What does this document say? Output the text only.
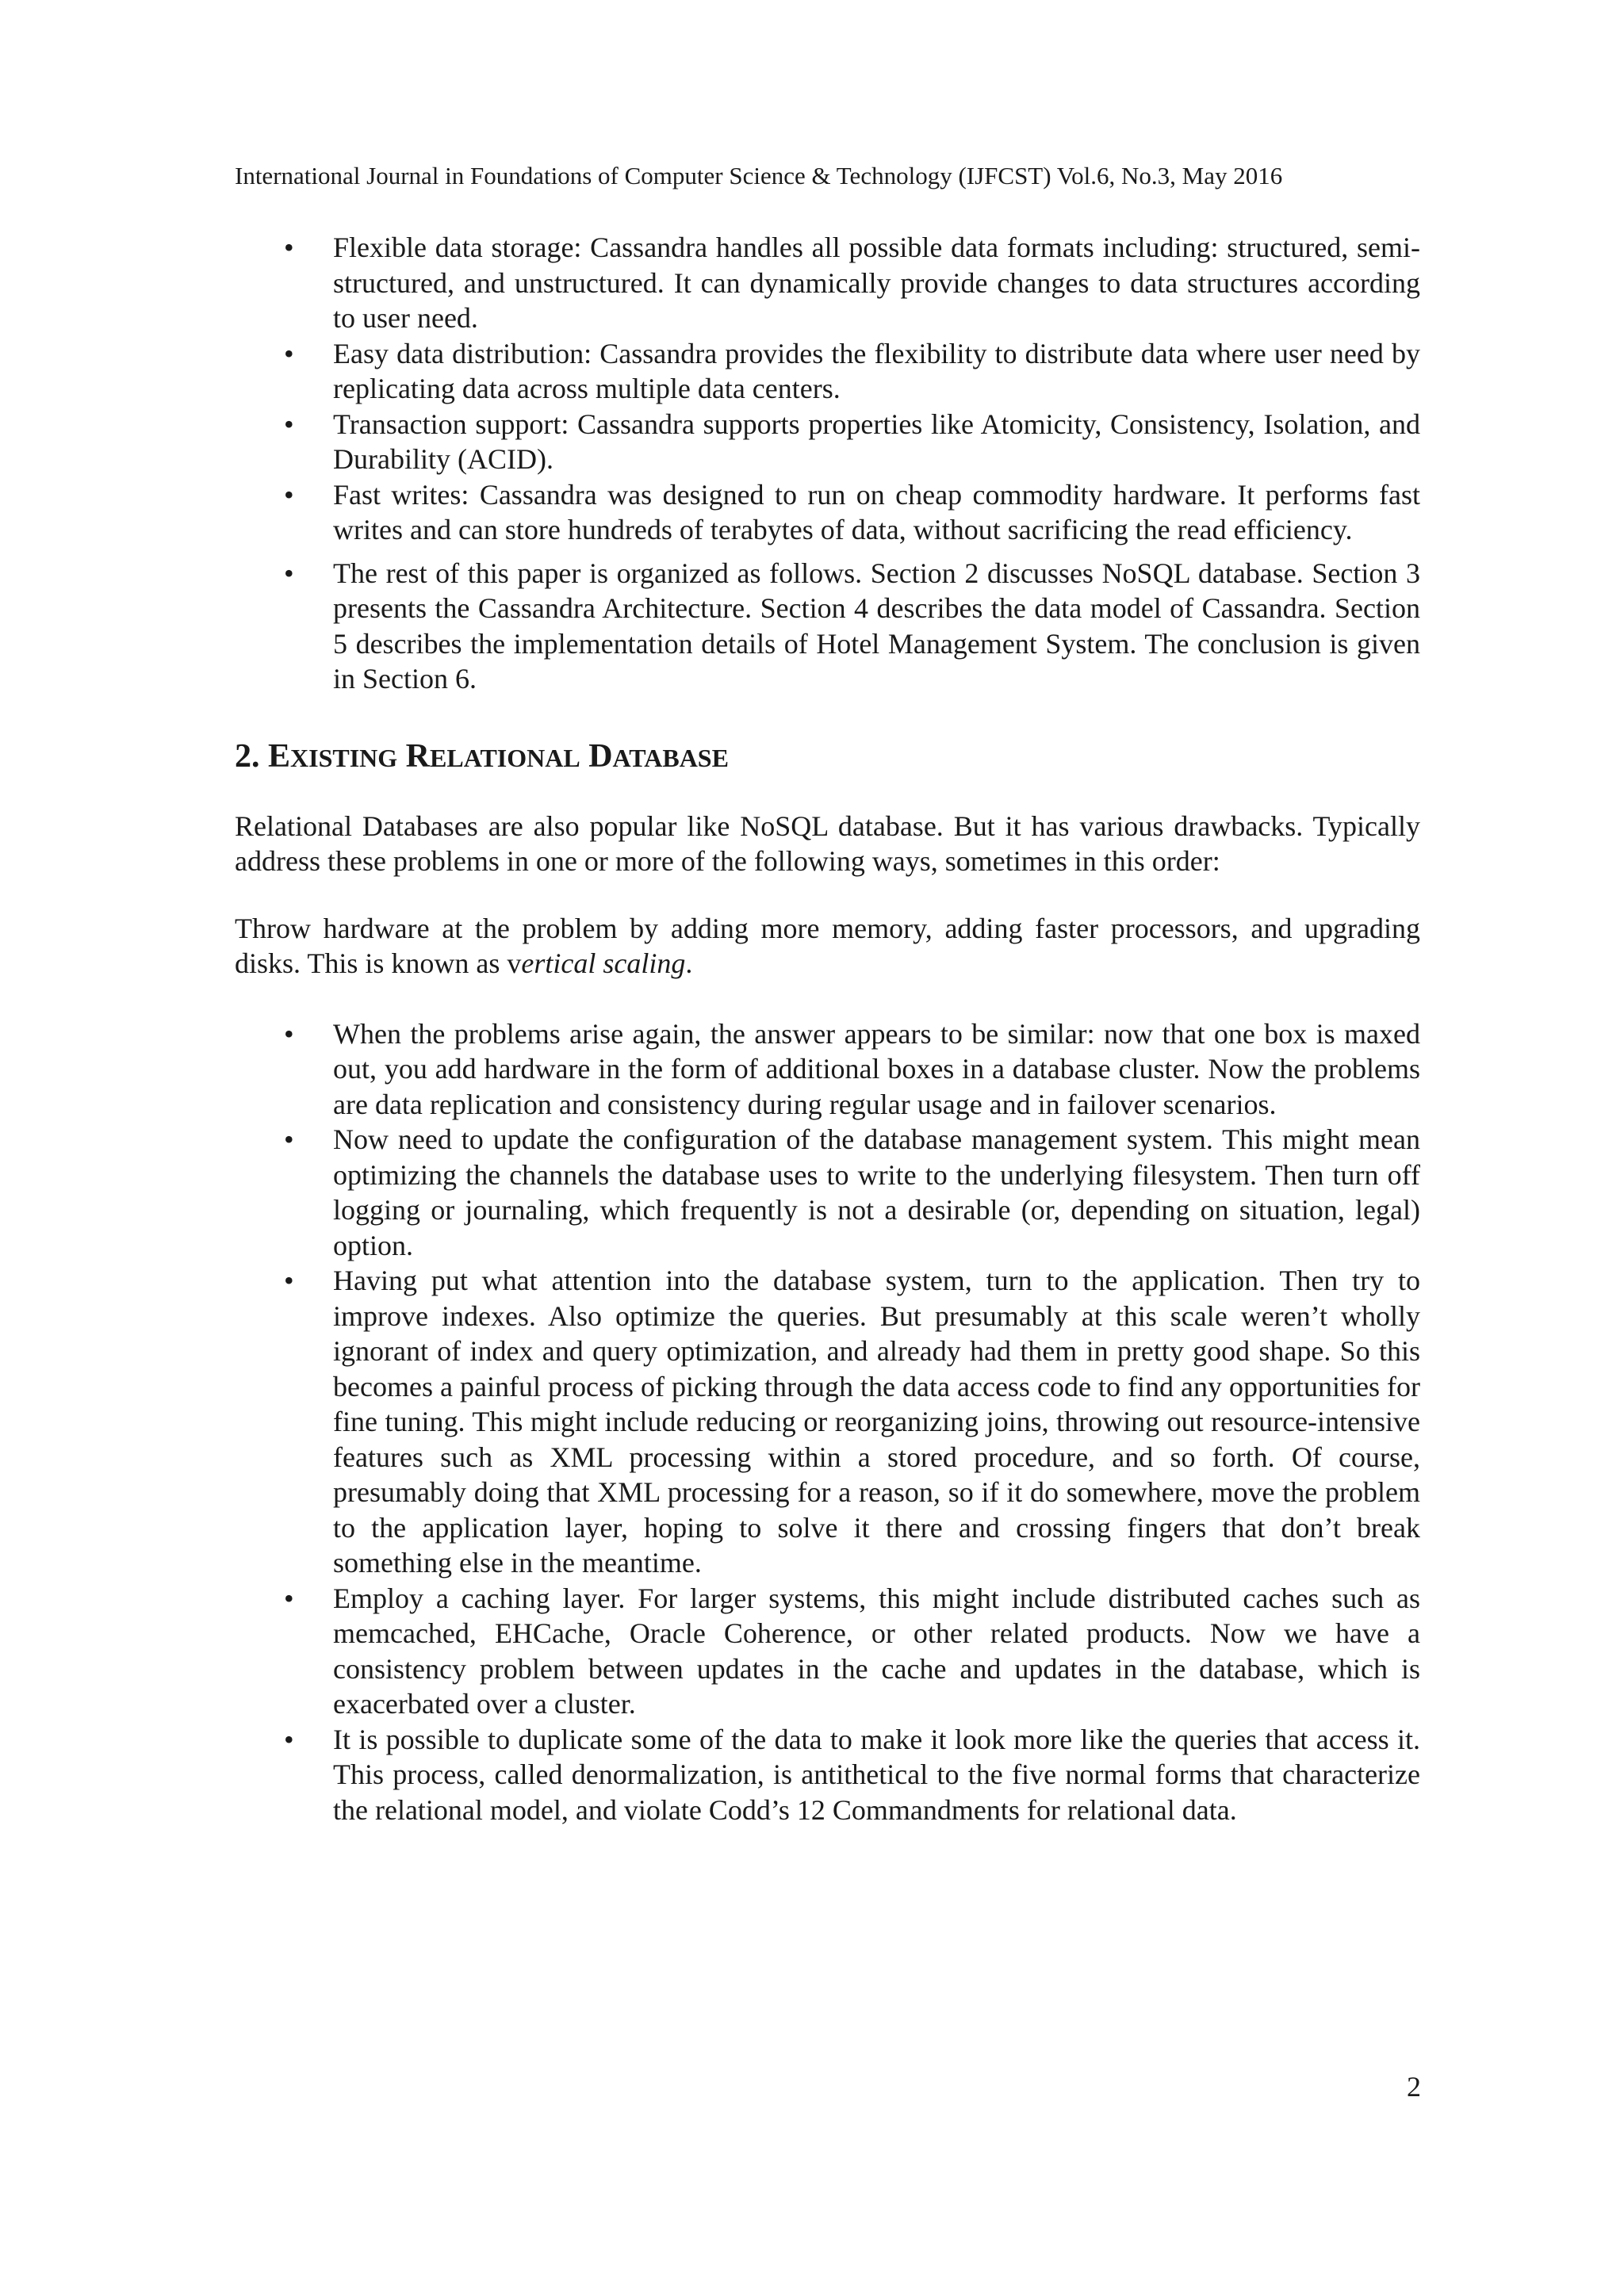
International Journal in Foundations of Computer Science & Technology (IJFCST) Vol.6, No.3, May 2016
• Flexible data storage: Cassandra handles all possible data formats including: structured, semi-structured, and unstructured. It can dynamically provide changes to data structures according to user need.
• Easy data distribution: Cassandra provides the flexibility to distribute data where user need by replicating data across multiple data centers.
• Transaction support: Cassandra supports properties like Atomicity, Consistency, Isolation, and Durability (ACID).
• Fast writes: Cassandra was designed to run on cheap commodity hardware. It performs fast writes and can store hundreds of terabytes of data, without sacrificing the read efficiency.
• The rest of this paper is organized as follows. Section 2 discusses NoSQL database. Section 3 presents the Cassandra Architecture. Section 4 describes the data model of Cassandra. Section 5 describes the implementation details of Hotel Management System. The conclusion is given in Section 6.
2. EXISTING RELATIONAL DATABASE

Relational Databases are also popular like NoSQL database. But it has various drawbacks. Typically address these problems in one or more of the following ways, sometimes in this order:

Throw hardware at the problem by adding more memory, adding faster processors, and upgrading disks. This is known as vertical scaling.

• When the problems arise again, the answer appears to be similar: now that one box is maxed out, you add hardware in the form of additional boxes in a database cluster. Now the problems are data replication and consistency during regular usage and in failover scenarios.
• Now need to update the configuration of the database management system. This might mean optimizing the channels the database uses to write to the underlying filesystem. Then turn off logging or journaling, which frequently is not a desirable (or, depending on situation, legal) option.
• Having put what attention into the database system, turn to the application. Then try to improve indexes. Also optimize the queries. But presumably at this scale weren’t wholly ignorant of index and query optimization, and already had them in pretty good shape. So this becomes a painful process of picking through the data access code to find any opportunities for fine tuning. This might include reducing or reorganizing joins, throwing out resource-intensive features such as XML processing within a stored procedure, and so forth. Of course, presumably doing that XML processing for a reason, so if it do somewhere, move the problem to the application layer, hoping to solve it there and crossing fingers that don’t break something else in the meantime.
• Employ a caching layer. For larger systems, this might include distributed caches such as memcached, EHCache, Oracle Coherence, or other related products. Now we have a consistency problem between updates in the cache and updates in the database, which is exacerbated over a cluster.
• It is possible to duplicate some of the data to make it look more like the queries that access it. This process, called denormalization, is antithetical to the five normal forms that characterize the relational model, and violate Codd’s 12 Commandments for relational data.
2
